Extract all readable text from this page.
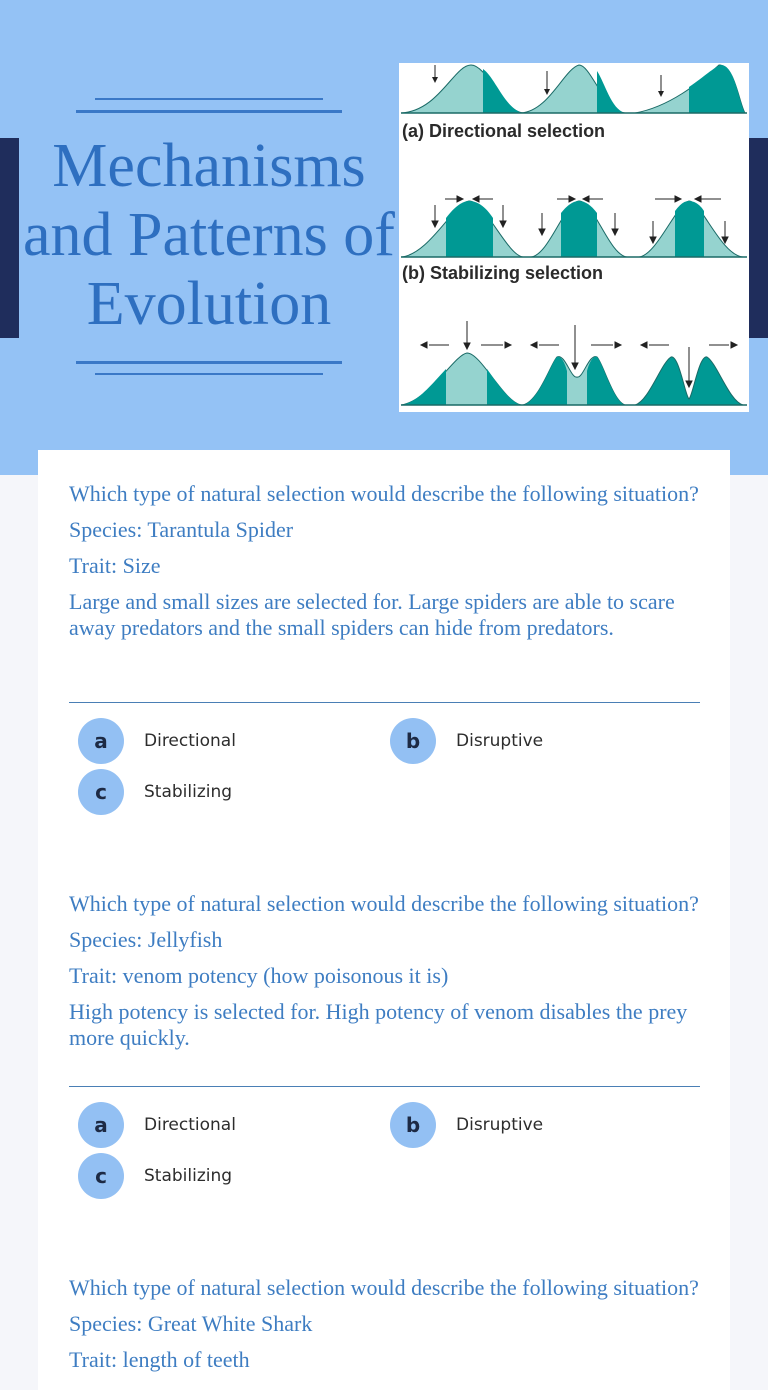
Mechanisms
and Patterns of
Evolution
(a) Directional selection
(b) Stabilizing selection

Which type of natural selection would describe the following situation?

Species: Tarantula Spider

Trait: Size

Large and small sizes are selected for. Large spiders are able to scare away predators and the small spiders can hide from predators.

a	Directional	b	Disruptive
c	Stabilizing

Which type of natural selection would describe the following situation?

Species: Jellyfish

Trait: venom potency (how poisonous it is)

High potency is selected for. High potency of venom disables the prey more quickly.

a	Directional	b	Disruptive
c	Stabilizing

Which type of natural selection would describe the following situation?

Species: Great White Shark

Trait: length of teeth
